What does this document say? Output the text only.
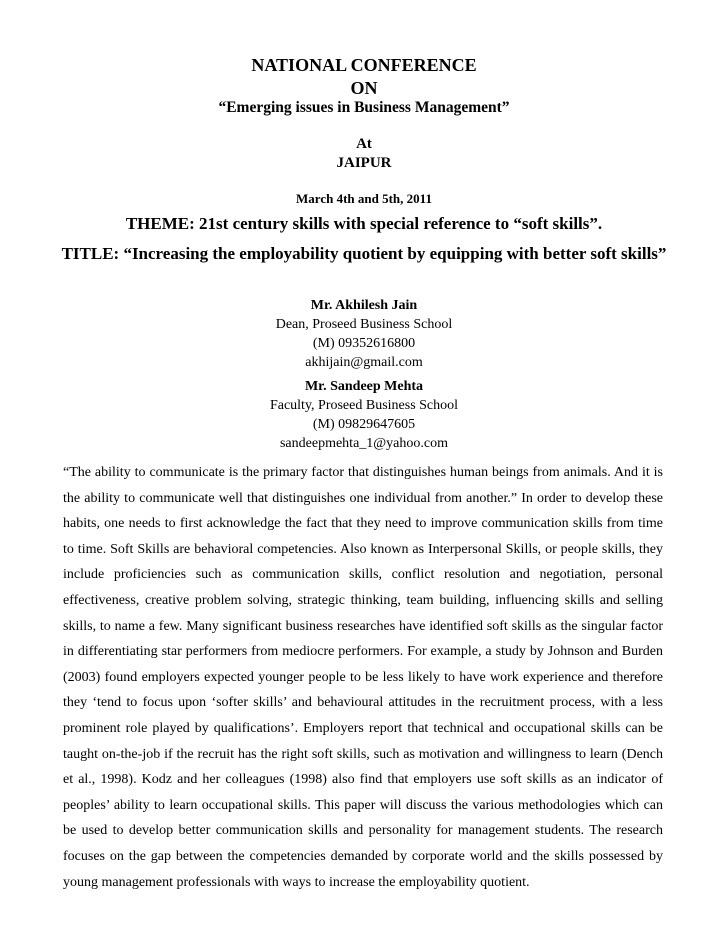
NATIONAL CONFERENCE
ON
“Emerging issues in Business Management”
At
JAIPUR
March 4th and 5th, 2011
THEME: 21st century skills with special reference to “soft skills”.
TITLE: “Increasing the employability quotient by equipping with better soft skills”
Mr. Akhilesh Jain
Dean, Proseed Business School
(M) 09352616800
akhijain@gmail.com
Mr. Sandeep Mehta
Faculty, Proseed Business School
(M) 09829647605
sandeepmehta_1@yahoo.com

“The ability to communicate is the primary factor that distinguishes human beings from animals. And it is the ability to communicate well that distinguishes one individual from another.” In order to develop these habits, one needs to first acknowledge the fact that they need to improve communication skills from time to time. Soft Skills are behavioral competencies. Also known as Interpersonal Skills, or people skills, they include proficiencies such as communication skills, conflict resolution and negotiation, personal effectiveness, creative problem solving, strategic thinking, team building, influencing skills and selling skills, to name a few. Many significant business researches have identified soft skills as the singular factor in differentiating star performers from mediocre performers. For example, a study by Johnson and Burden (2003) found employers expected younger people to be less likely to have work experience and therefore they ‘tend to focus upon ‘softer skills’ and behavioural attitudes in the recruitment process, with a less prominent role played by qualifications’. Employers report that technical and occupational skills can be taught on-the-job if the recruit has the right soft skills, such as motivation and willingness to learn (Dench et al., 1998). Kodz and her colleagues (1998) also find that employers use soft skills as an indicator of peoples’ ability to learn occupational skills. This paper will discuss the various methodologies which can be used to develop better communication skills and personality for management students. The research focuses on the gap between the competencies demanded by corporate world and the skills possessed by young management professionals with ways to increase the employability quotient.
